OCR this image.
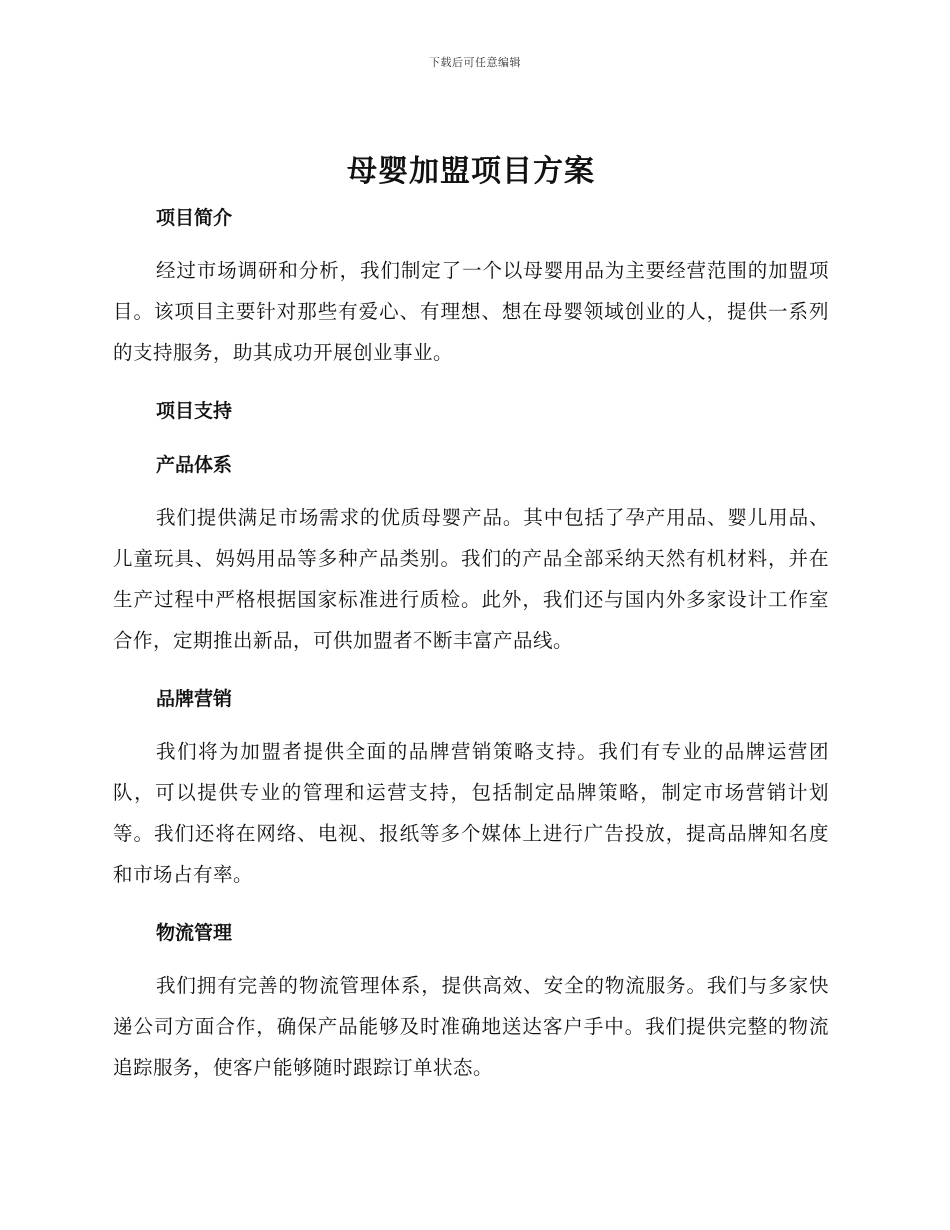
下载后可任意编辑
母婴加盟项目方案
项目简介

经过市场调研和分析，我们制定了一个以母婴用品为主要经营范围的加盟项目。该项目主要针对那些有爱心、有理想、想在母婴领域创业的人，提供一系列的支持服务，助其成功开展创业事业。

项目支持
产品体系

我们提供满足市场需求的优质母婴产品。其中包括了孕产用品、婴儿用品、儿童玩具、妈妈用品等多种产品类别。我们的产品全部采纳天然有机材料，并在生产过程中严格根据国家标准进行质检。此外，我们还与国内外多家设计工作室合作，定期推出新品，可供加盟者不断丰富产品线。

品牌营销

我们将为加盟者提供全面的品牌营销策略支持。我们有专业的品牌运营团队，可以提供专业的管理和运营支持，包括制定品牌策略，制定市场营销计划等。我们还将在网络、电视、报纸等多个媒体上进行广告投放，提高品牌知名度和市场占有率。

物流管理

我们拥有完善的物流管理体系，提供高效、安全的物流服务。我们与多家快递公司方面合作，确保产品能够及时准确地送达客户手中。我们提供完整的物流追踪服务，使客户能够随时跟踪订单状态。
